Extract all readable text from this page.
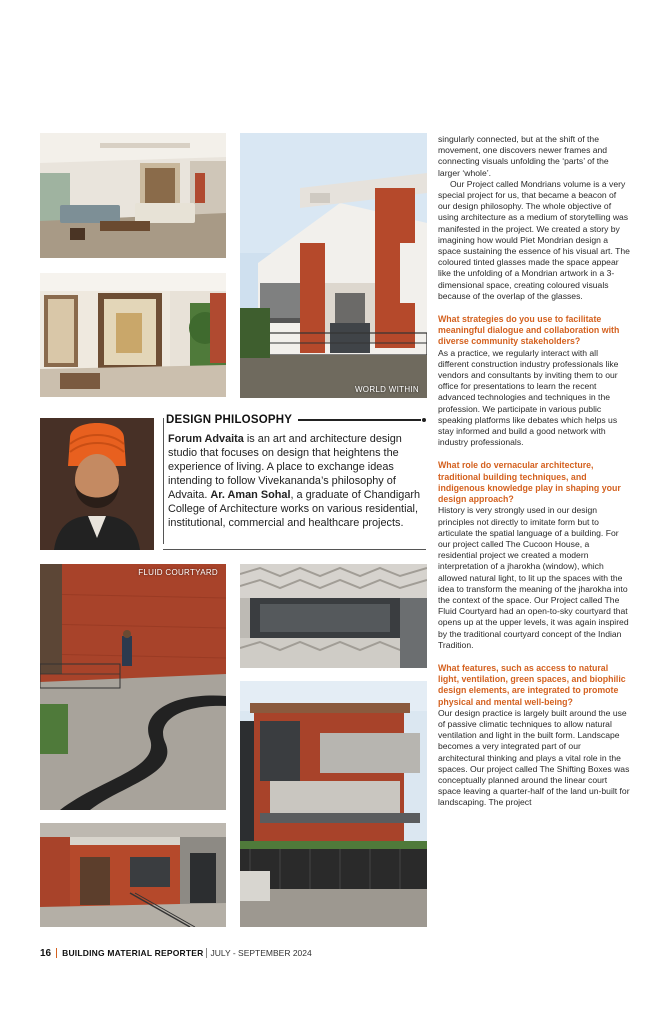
WORLD WITHIN
FLUID COURTYARD
DESIGN PHILOSOPHY
Forum Advaita is an art and architecture design studio that focuses on design that heightens the experience of living. A place to exchange ideas intending to follow Vivekananda’s philosophy of Advaita. Ar. Aman Sohal, a graduate of Chandigarh College of Architecture works on various residential, institutional, commercial and healthcare projects.

singularly connected, but at the shift of the movement, one discovers newer frames and connecting visuals unfolding the ‘parts’ of the larger ‘whole’.

Our Project called Mondrians volume is a very special project for us, that became a beacon of our design philosophy. The whole objective of using architecture as a medium of storytelling was manifested in the project. We created a story by imagining how would Piet Mondrian design a space sustaining the essence of his visual art. The coloured tinted glasses made the space appear like the unfolding of a Mondrian artwork in a 3-dimensional space, creating coloured visuals because of the overlap of the glasses.

What strategies do you use to facilitate meaningful dialogue and collaboration with diverse community stakeholders?

As a practice, we regularly interact with all different construction industry professionals like vendors and consultants by inviting them to our office for presentations to learn the recent advanced technologies and techniques in the profession. We participate in various public speaking platforms like debates which helps us stay informed and build a good network with industry professionals.

What role do vernacular architecture, traditional building techniques, and indigenous knowledge play in shaping your design approach?

History is very strongly used in our design principles not directly to imitate form but to articulate the spatial language of a building. For our project called The Cucoon House, a residential project we created a modern interpretation of a jharokha (window), which allowed natural light, to lit up the spaces with the idea to transform the meaning of the jharokha into the context of the space. Our Project called The Fluid Courtyard had an open-to-sky courtyard that opens up at the upper levels, it was again inspired by the traditional courtyard concept of the Indian Tradition.

What features, such as access to natural light, ventilation, green spaces, and biophilic design elements, are integrated to promote physical and mental well-being?

Our design practice is largely built around the use of passive climatic techniques to allow natural ventilation and light in the built form. Landscape becomes a very integrated part of our architectural thinking and plays a vital role in the spaces. Our project called The Shifting Boxes was conceptually planned around the linear court space leaving a quarter-half of the land un-built for landscaping. The project

16 BUILDING MATERIAL REPORTER JULY - SEPTEMBER 2024
